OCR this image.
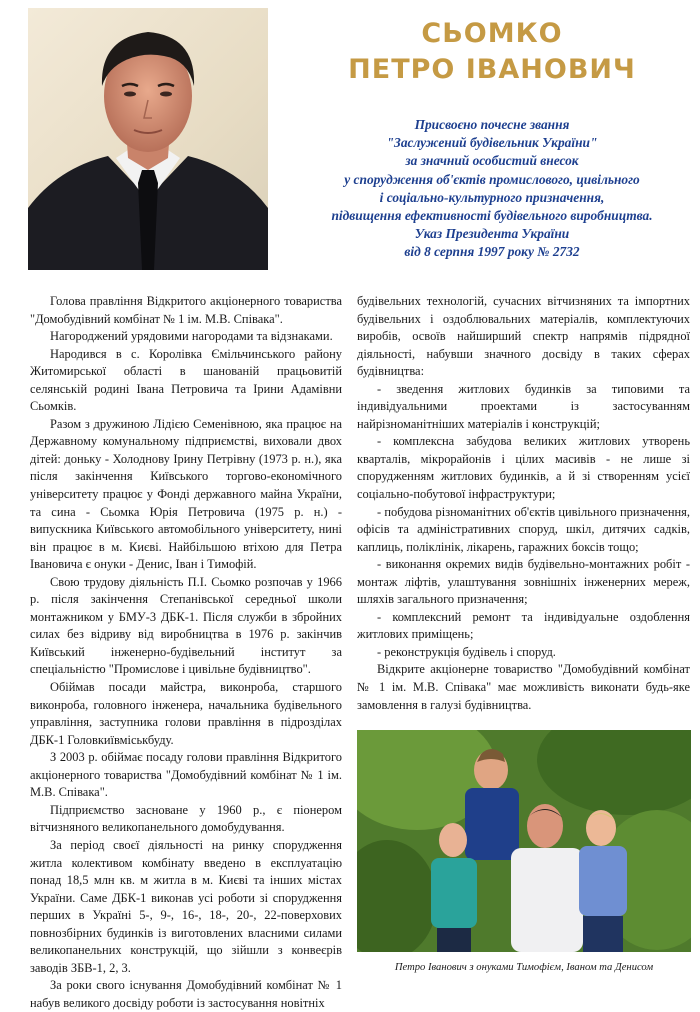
СЬОМКО
ПЕТРО ІВАНОВИЧ
Присвоєно почесне звання
"Заслужений будівельник України"
за значний особистий внесок
у спорудження об'єктів промислового, цивільного
і соціально-культурного призначення,
підвищення ефективності будівельного виробництва.
Указ Президента України
від 8 серпня 1997 року № 2732

Голова правління Відкритого акціонерного товариства "Домобудівний комбінат № 1 ім. М.В. Співака".

Нагороджений урядовими нагородами та відзнаками.

Народився в с. Королівка Ємільчинського району Житомирської області в шанованій працьовитій селянській родині Івана Петровича та Ірини Адамівни Сьомків.

Разом з дружиною Лідією Семенівною, яка працює на Державному комунальному підприємстві, виховали двох дітей: доньку - Холоднову Ірину Петрівну (1973 р. н.), яка після закінчення Київського торгово-економічного університету працює у Фонді державного майна України, та сина - Сьомка Юрія Петровича (1975 р. н.) - випускника Київського автомобільного університету, нині він працює в м. Києві. Найбільшою втіхою для Петра Івановича є онуки - Денис, Іван і Тимофій.

Свою трудову діяльність П.І. Сьомко розпочав у 1966 р. після закінчення Степанівської середньої школи монтажником у БМУ-3 ДБК-1. Після служби в збройних силах без відриву від виробництва в 1976 р. закінчив Київський інженерно-будівельний інститут за спеціальністю "Промислове і цивільне будівництво".

Обіймав посади майстра, виконроба, старшого виконроба, головного інженера, начальника будівельного управління, заступника голови правління в підрозділах ДБК-1 Головкиївміськбуду.

З 2003 р. обіймає посаду голови правління Відкритого акціонерного товариства "Домобудівний комбінат № 1 ім. М.В. Співака".

Підприємство засноване у 1960 р., є піонером вітчизняного великопанельного домобудування.

За період своєї діяльності на ринку спорудження житла колективом комбінату введено в експлуатацію понад 18,5 млн кв. м житла в м. Києві та інших містах України. Саме ДБК-1 виконав усі роботи зі спорудження перших в Україні 5-, 9-, 16-, 18-, 20-, 22-поверхових повнозбірних будинків із виготовлених власними силами великопанельних конструкцій, що зійшли з конвеєрів заводів ЗБВ-1, 2, 3.

За роки свого існування Домобудівний комбінат № 1 набув великого досвіду роботи із застосування новітніх

будівельних технологій, сучасних вітчизняних та імпортних будівельних і оздоблювальних матеріалів, комплектуючих виробів, освоїв найширший спектр напрямів підрядної діяльності, набувши значного досвіду в таких сферах будівництва:

- зведення житлових будинків за типовими та індивідуальними проектами із застосуванням найрізноманітніших матеріалів і конструкцій;

- комплексна забудова великих житлових утворень кварталів, мікрорайонів і цілих масивів - не лише зі спорудженням житлових будинків, а й зі створенням усієї соціально-побутової інфраструктури;

- побудова різноманітних об'єктів цивільного призначення, офісів та адміністративних споруд, шкіл, дитячих садків, каплиць, поліклінік, лікарень, гаражних боксів тощо;

- виконання окремих видів будівельно-монтажних робіт - монтаж ліфтів, улаштування зовнішніх інженерних мереж, шляхів загального призначення;

- комплексний ремонт та індивідуальне оздоблення житлових приміщень;

- реконструкція будівель і споруд.

Відкрите акціонерне товариство "Домобудівний комбінат № 1 ім. М.В. Співака" має можливість виконати будь-яке замовлення в галузі будівництва.

Петро Іванович з онуками Тимофієм, Іваном та Денисом
